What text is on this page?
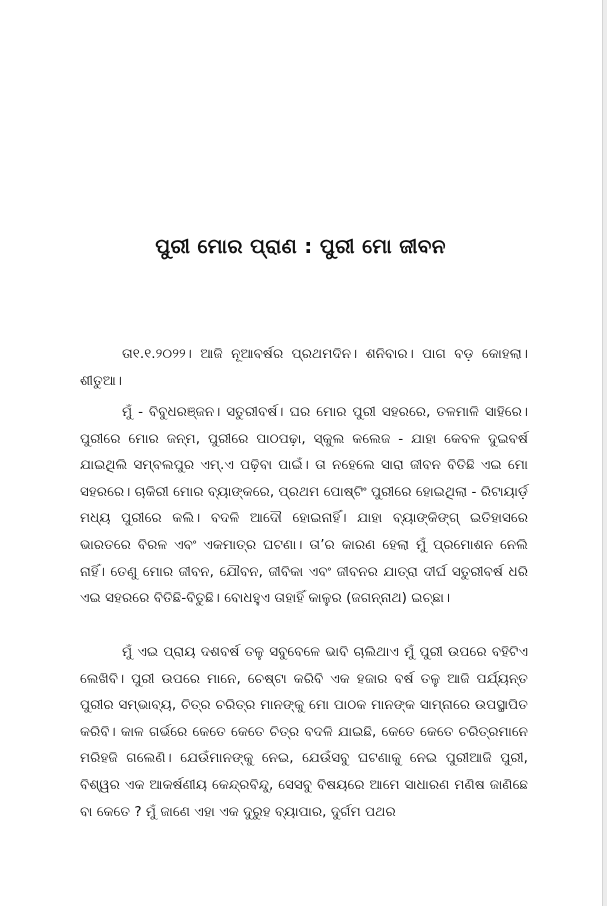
ପୁରୀ ମୋର ପ୍ରାଣ : ପୁରୀ ମୋ ଜୀବନ

ତା୧.୧.୨୦୨୨। ଆଜି ନୂଆବର୍ଷର ପ୍ରଥମଦିନ। ଶନିବାର। ପାଗ ବଡ଼ କୋହଲା। ଶୀତୁଆ।

ମୁଁ - ବିବୁଧରଞ୍ଜନ। ସତୁରୀବର୍ଷ। ଘର ମୋର ପୁରୀ ସହରରେ, ତଳମାଳି ସାହିରେ। ପୁରୀରେ ମୋର ଜନ୍ମ, ପୁରୀରେ ପାଠପଢ଼ା, ସ୍କୁଲ କଲେଜ - ଯାହା କେବଳ ଦୁଇବର୍ଷ ଯାଇଥିଲି ସମ୍ବଲପୁର ଏମ୍.ଏ ପଢ଼ିବା ପାଇଁ। ତା ନହେଲେ ସାରା ଜୀବନ ବିତିଛି ଏଇ ମୋ ସହରରେ। ଚାକିରୀ ମୋର ବ୍ୟାଙ୍କରେ, ପ୍ରଥମ ପୋଷ୍ଟିଂ ପୁରୀରେ ହୋଇଥିଲା - ରିଟାୟାର୍ଡ଼ ମଧ୍ୟ ପୁରୀରେ କଲି। ବଦଳି ଆଦୌ ହୋଇନାହିଁ। ଯାହା ବ୍ୟାଙ୍କିଙ୍ଗ୍ ଇତିହାସରେ ଭାରତରେ ବିରଳ ଏବଂ ଏକମାତ୍ର ଘଟଣା। ତା’ର କାରଣ ହେଲା ମୁଁ ପ୍ରମୋଶନ ନେଲି ନାହିଁ। ତେଣୁ ମୋର ଜୀବନ, ଯୌବନ, ଜୀବିକା ଏବଂ ଜୀବନର ଯାତ୍ରା ଦୀର୍ଘ ସତୁରୀବର୍ଷ ଧରି ଏଇ ସହରରେ ବିତିଛି-ବିତୁଛି। ବୋଧହୁଏ ତାହାହିଁ କାଳୁର (ଜଗନ୍ନାଥ) ଇଚ୍ଛା।

ମୁଁ ଏଇ ପ୍ରାୟ ଦଶବର୍ଷ ତଳୁ ସବୁବେଳେ ଭାବି ଚାଲିଥାଏ ମୁଁ ପୁରୀ ଉପରେ ବହିଟିଏ ଲେଖିବି। ପୁରୀ ଉପରେ ମାନେ, ଚେଷ୍ଟା କରିବି ଏକ ହଜାର ବର୍ଷ ତଳୁ ଆଜି ପର୍ଯ୍ୟନ୍ତ ପୁରୀର ସମ୍ଭାବ୍ୟ, ଚିତ୍ର ଚରିତ୍ର ମାନଙ୍କୁ ମୋ ପାଠକ ମାନଙ୍କ ସାମ୍ନାରେ ଉପସ୍ଥାପିତ କରିବି। କାଳ ଗର୍ଭରେ କେତେ କେତେ ଚିତ୍ର ବଦଳି ଯାଇଛି, କେତେ କେତେ ଚରିତ୍ରମାନେ ମରିହଜି ଗଲେଣି। ଯେଉଁମାନଙ୍କୁ ନେଇ, ଯେଉଁସବୁ ଘଟଣାକୁ ନେଇ ପୁରୀଆଜି ପୁରୀ, ବିଶ୍ୱର ଏକ ଆକର୍ଷଣୀୟ କେନ୍ଦ୍ରବିନ୍ଦୁ, ସେସବୁ ବିଷୟରେ ଆମେ ସାଧାରଣ ମଣିଷ ଜାଣିଛେ ବା କେତେ ? ମୁଁ ଜାଣେ ଏହା ଏକ ଦୁରୁହ ବ୍ୟାପାର, ଦୁର୍ଗମ ପଥର
